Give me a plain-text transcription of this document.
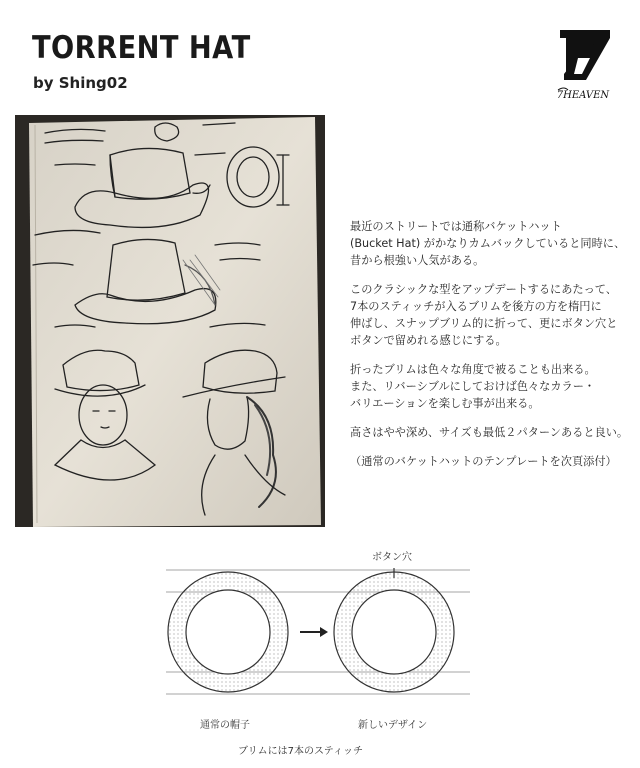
TORRENT HAT
by Shing02
7HEAVEN

最近のストリートでは通称バケットハット
(Bucket Hat) がかなりカムバックしていると同時に、
昔から根強い人気がある。

このクラシックな型をアップデートするにあたって、
7本のスティッチが入るブリムを後方の方を楕円に
伸ばし、スナップブリム的に折って、更にボタン穴と
ボタンで留めれる感じにする。

折ったブリムは色々な角度で被ることも出来る。
また、リバーシブルにしておけば色々なカラー・
バリエーションを楽しむ事が出来る。

高さはやや深め、サイズも最低２パターンあると良い。

（通常のバケットハットのテンプレートを次頁添付）

ボタン穴
通常の帽子	新しいデザイン
ブリムには7本のスティッチ
